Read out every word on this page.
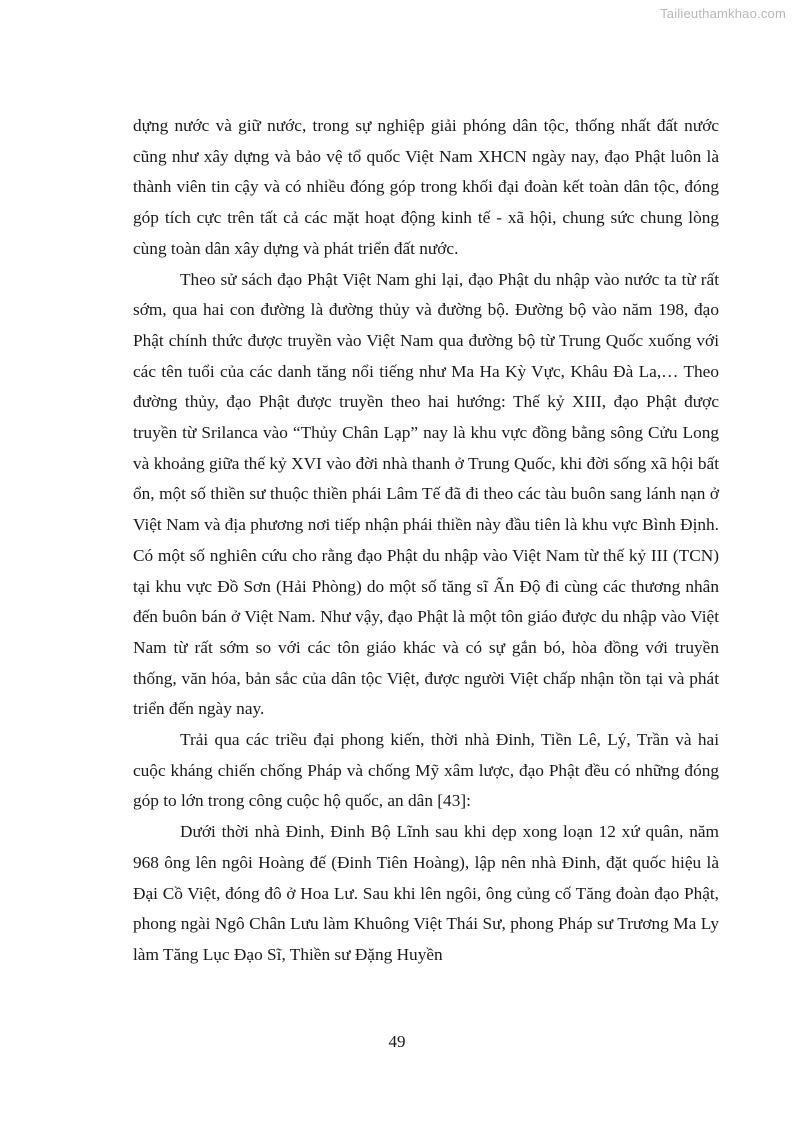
Tailieuthamkhao.com

dựng nước và giữ nước, trong sự nghiệp giải phóng dân tộc, thống nhất đất nước cũng như xây dựng và bảo vệ tổ quốc Việt Nam XHCN ngày nay, đạo Phật luôn là thành viên tin cậy và có nhiều đóng góp trong khối đại đoàn kết toàn dân tộc, đóng góp tích cực trên tất cả các mặt hoạt động kinh tế - xã hội, chung sức chung lòng cùng toàn dân xây dựng và phát triển đất nước.

Theo sử sách đạo Phật Việt Nam ghi lại, đạo Phật du nhập vào nước ta từ rất sớm, qua hai con đường là đường thủy và đường bộ. Đường bộ vào năm 198, đạo Phật chính thức được truyền vào Việt Nam qua đường bộ từ Trung Quốc xuống với các tên tuổi của các danh tăng nổi tiếng như Ma Ha Kỳ Vực, Khâu Đà La,… Theo đường thủy, đạo Phật được truyền theo hai hướng: Thế kỷ XIII, đạo Phật được truyền từ Srilanca vào “Thủy Chân Lạp” nay là khu vực đồng bằng sông Cửu Long và khoảng giữa thế kỷ XVI vào đời nhà thanh ở Trung Quốc, khi đời sống xã hội bất ổn, một số thiền sư thuộc thiền phái Lâm Tế đã đi theo các tàu buôn sang lánh nạn ở Việt Nam và địa phương nơi tiếp nhận phái thiền này đầu tiên là khu vực Bình Định. Có một số nghiên cứu cho rằng đạo Phật du nhập vào Việt Nam từ thế kỷ III (TCN) tại khu vực Đồ Sơn (Hải Phòng) do một số tăng sĩ Ấn Độ đi cùng các thương nhân đến buôn bán ở Việt Nam. Như vậy, đạo Phật là một tôn giáo được du nhập vào Việt Nam từ rất sớm so với các tôn giáo khác và có sự gắn bó, hòa đồng với truyền thống, văn hóa, bản sắc của dân tộc Việt, được người Việt chấp nhận tồn tại và phát triển đến ngày nay.

Trải qua các triều đại phong kiến, thời nhà Đinh, Tiền Lê, Lý, Trần và hai cuộc kháng chiến chống Pháp và chống Mỹ xâm lược, đạo Phật đều có những đóng góp to lớn trong công cuộc hộ quốc, an dân [43]:

Dưới thời nhà Đinh, Đinh Bộ Lĩnh sau khi dẹp xong loạn 12 xứ quân, năm 968 ông lên ngôi Hoàng đế (Đinh Tiên Hoàng), lập nên nhà Đinh, đặt quốc hiệu là Đại Cồ Việt, đóng đô ở Hoa Lư. Sau khi lên ngôi, ông củng cố Tăng đoàn đạo Phật, phong ngài Ngô Chân Lưu làm Khuông Việt Thái Sư, phong Pháp sư Trương Ma Ly làm Tăng Lục Đạo Sĩ, Thiền sư Đặng Huyền

49
